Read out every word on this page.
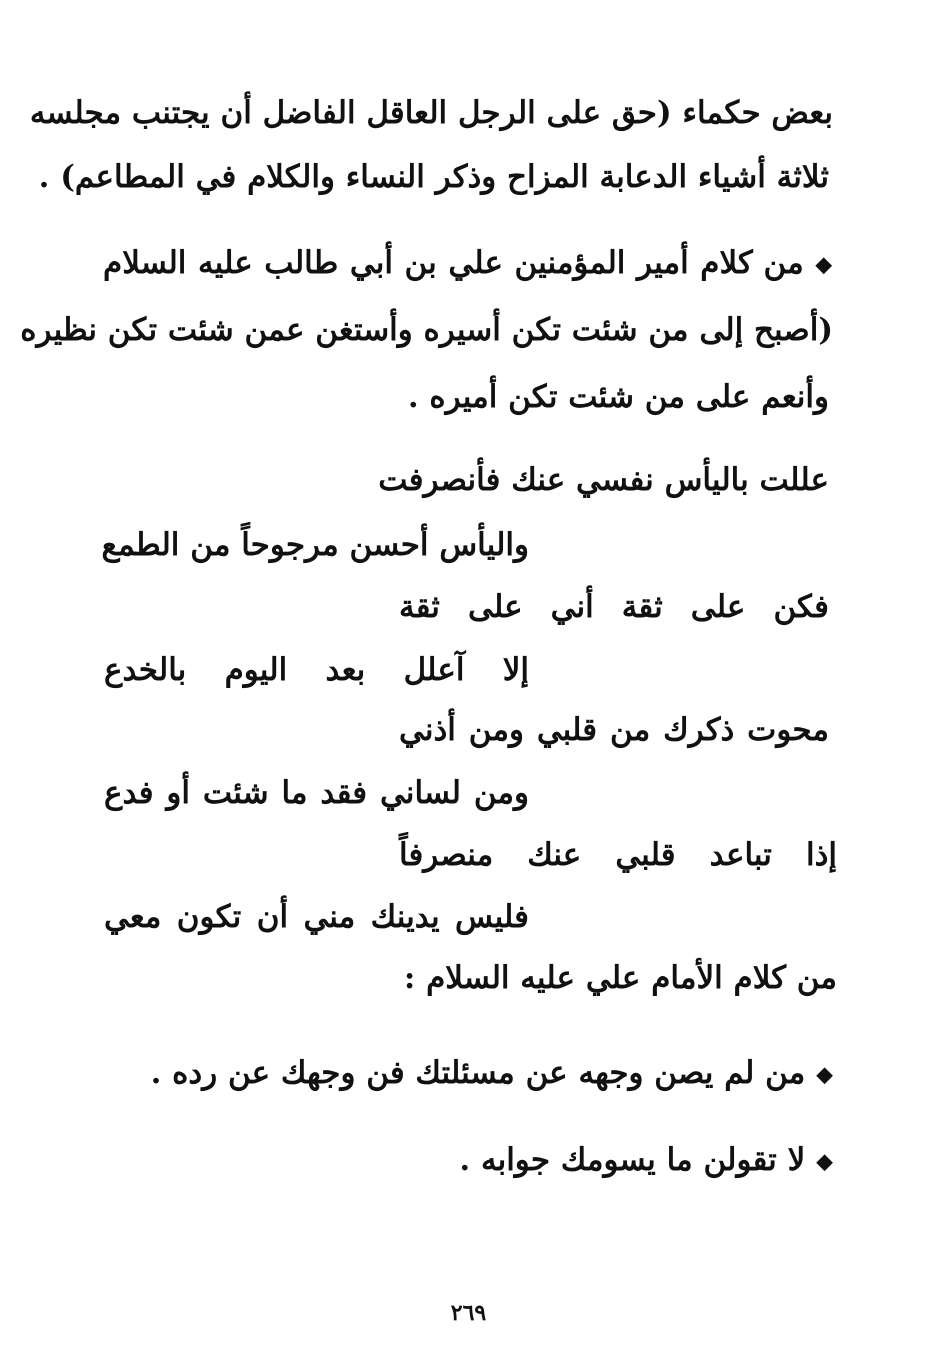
بعض حكماء (حق على الرجل العاقل الفاضل أن يجتنب مجلسه
ثلاثة أشياء الدعابة المزاح وذكر النساء والكلام في المطاعم) .
◆ من كلام أمير المؤمنين علي بن أبي طالب عليه السلام
(أصبح إلى من شئت تكن أسيره وأستغن عمن شئت تكن نظيره
وأنعم على من شئت تكن أميره .
عللت باليأس نفسي عنك فأنصرفت
واليأس أحسن مرجوحاً من الطمع
فكن على ثقة أني على ثقة
إلا آعلل بعد اليوم بالخدع
محوت ذكرك من قلبي ومن أذني
ومن لساني فقد ما شئت أو فدع
إذا تباعد قلبي عنك منصرفاً
فليس يدينك مني أن تكون معي
من كلام الأمام علي عليه السلام :
◆ من لم يصن وجهه عن مسئلتك فن وجهك عن رده .
◆ لا تقولن ما يسومك جوابه .
٢٦٩
